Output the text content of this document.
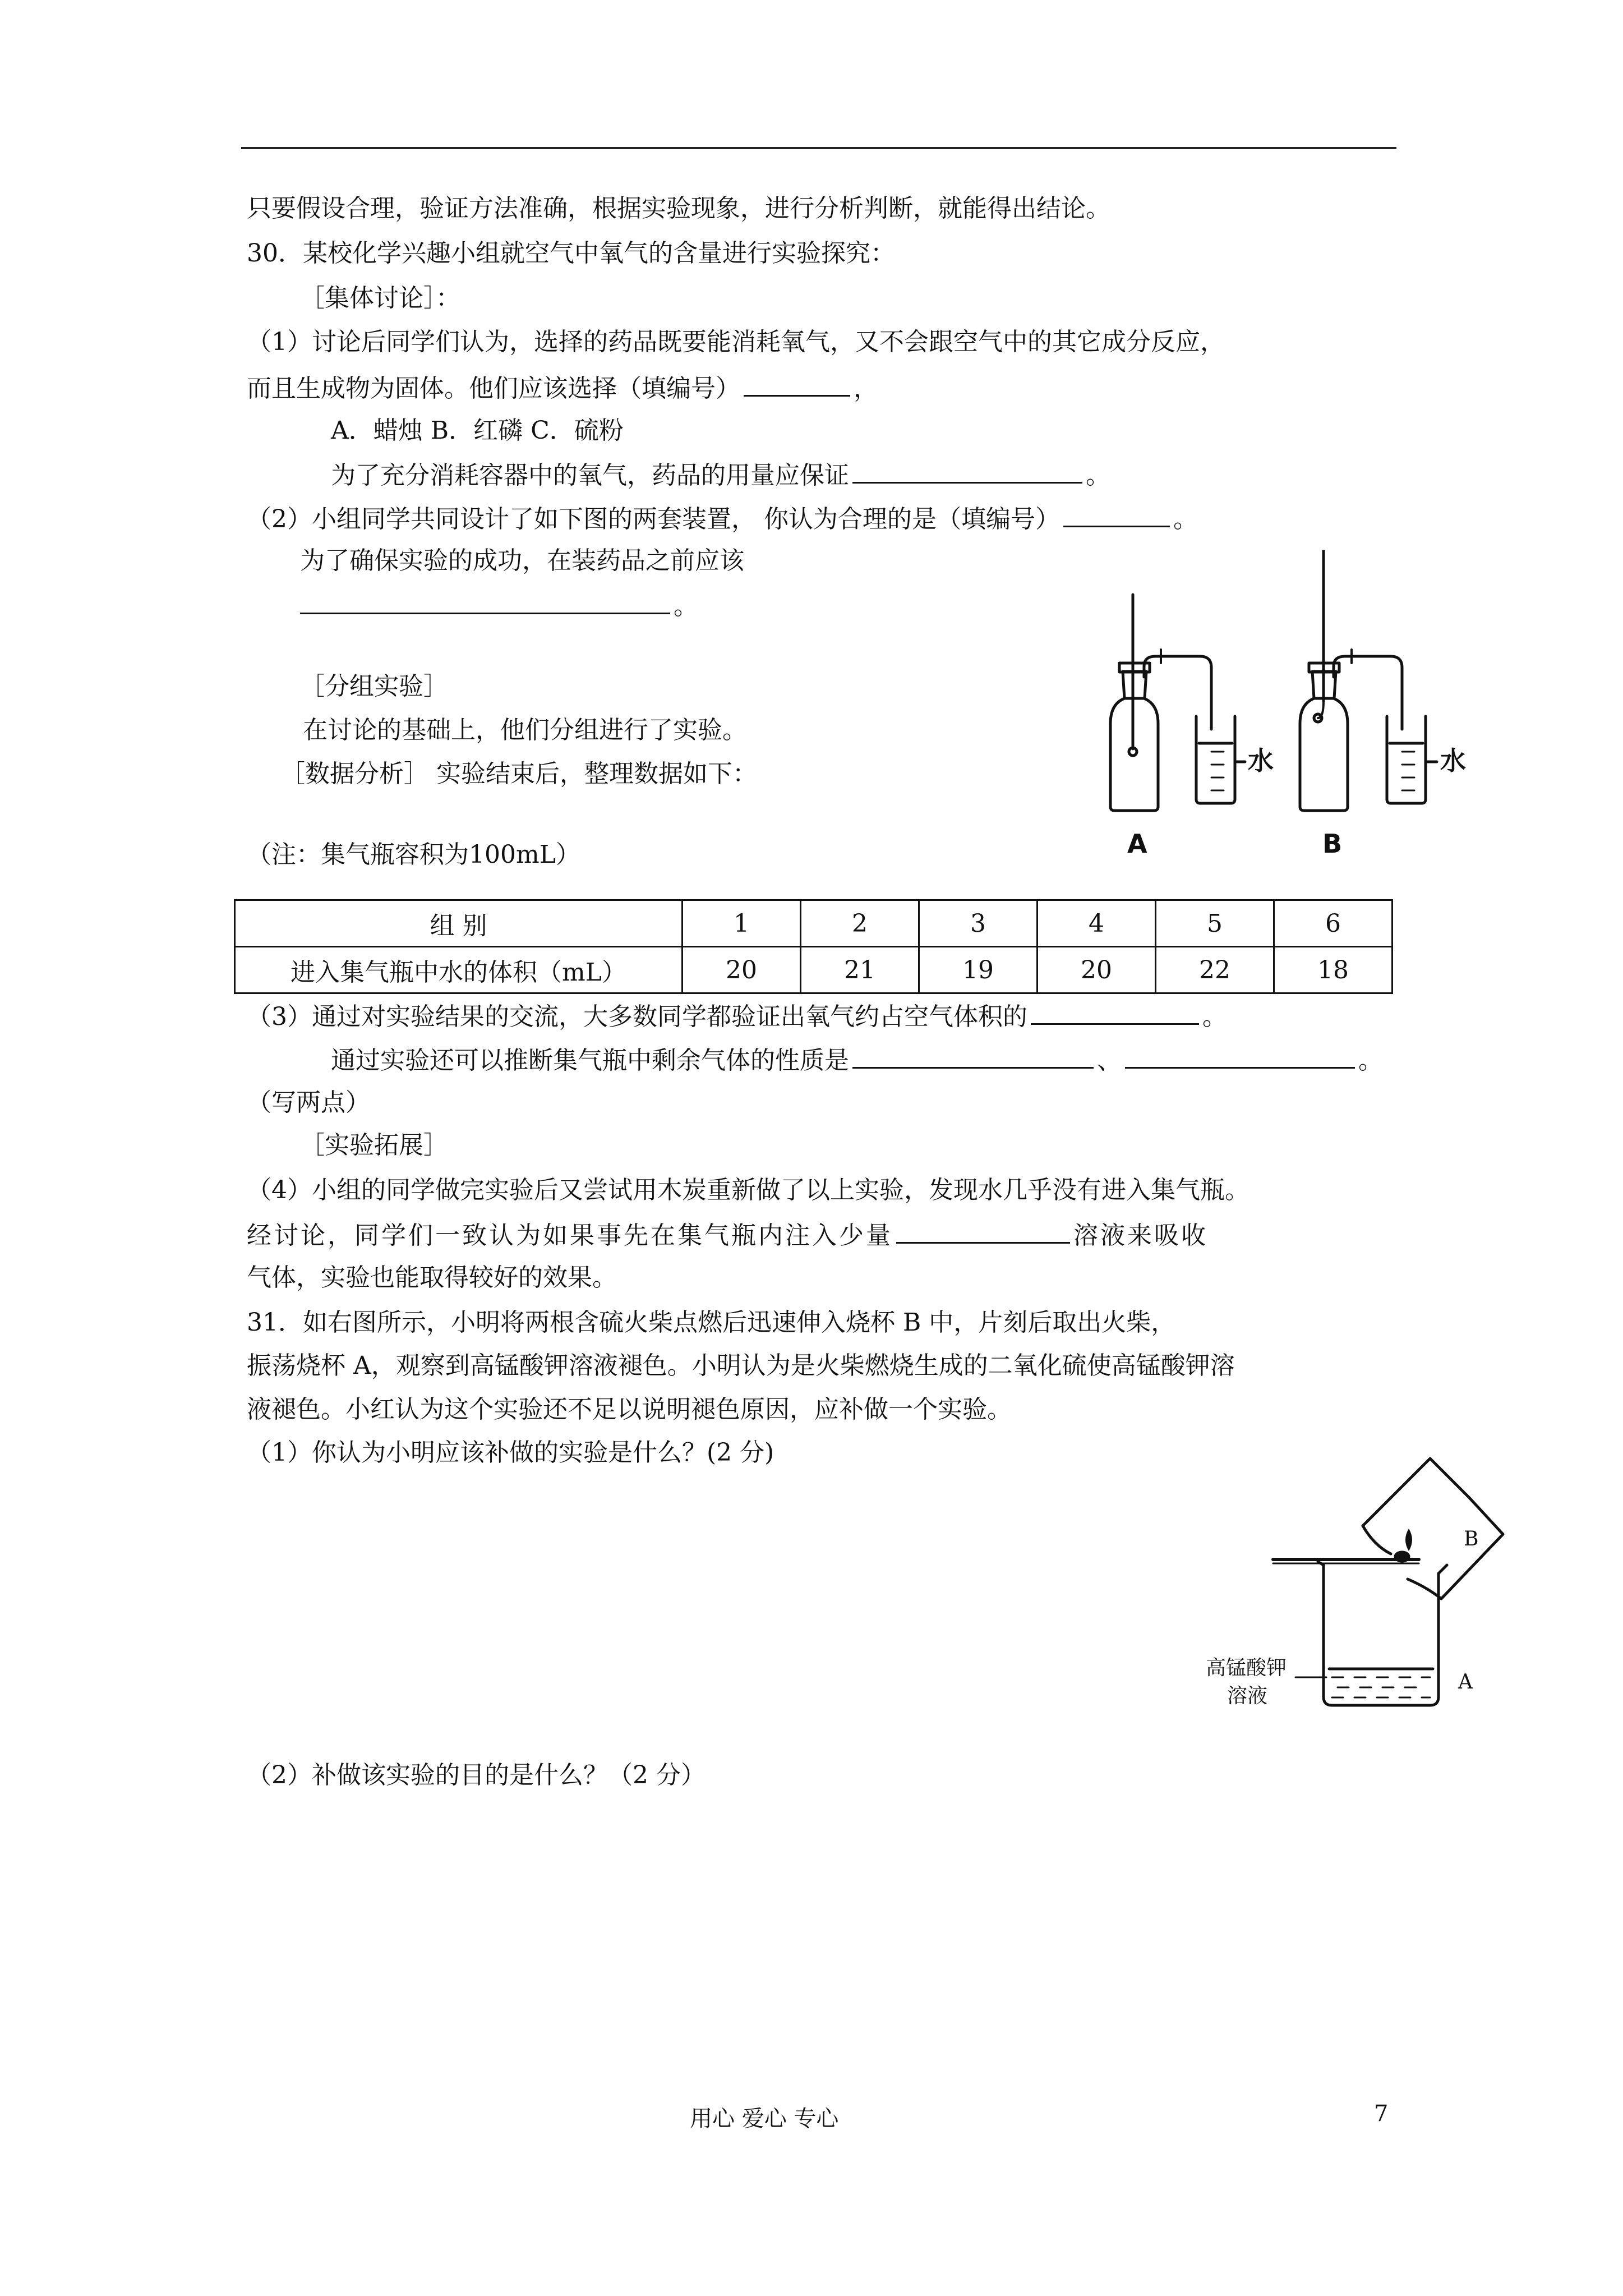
只要假设合理，验证方法准确，根据实验现象，进行分析判断，就能得出结论。
30．某校化学兴趣小组就空气中氧气的含量进行实验探究：
［集体讨论］：
（1）讨论后同学们认为，选择的药品既要能消耗氧气，又不会跟空气中的其它成分反应，
而且生成物为固体。他们应该选择（填编号）	，
A．蜡烛 B．红磷 C．硫粉
为了充分消耗容器中的氧气，药品的用量应保证	。
（2）小组同学共同设计了如下图的两套装置， 你认为合理的是（填编号）	。
为了确保实验的成功，在装药品之前应该
。
［分组实验］
在讨论的基础上，他们分组进行了实验。
［数据分析］ 实验结束后，整理数据如下：
（注：集气瓶容积为100mL）
水	水
A	B
组 别	1	2	3	4	5	6
进入集气瓶中水的体积（mL）	20	21	19	20	22	18
（3）通过对实验结果的交流，大多数同学都验证出氧气约占空气体积的	。
通过实验还可以推断集气瓶中剩余气体的性质是	、	。
（写两点）
［实验拓展］
（4）小组的同学做完实验后又尝试用木炭重新做了以上实验，发现水几乎没有进入集气瓶。
经讨论，同学们一致认为如果事先在集气瓶内注入少量	溶液来吸收
气体，实验也能取得较好的效果。
31．如右图所示，小明将两根含硫火柴点燃后迅速伸入烧杯 B 中，片刻后取出火柴，
振荡烧杯 A，观察到高锰酸钾溶液褪色。小明认为是火柴燃烧生成的二氧化硫使高锰酸钾溶
液褪色。小红认为这个实验还不足以说明褪色原因，应补做一个实验。
（1）你认为小明应该补做的实验是什么？(2 分)
B
A
高锰酸钾
溶液
（2）补做该实验的目的是什么？（2 分）
用心 爱心 专心	7
